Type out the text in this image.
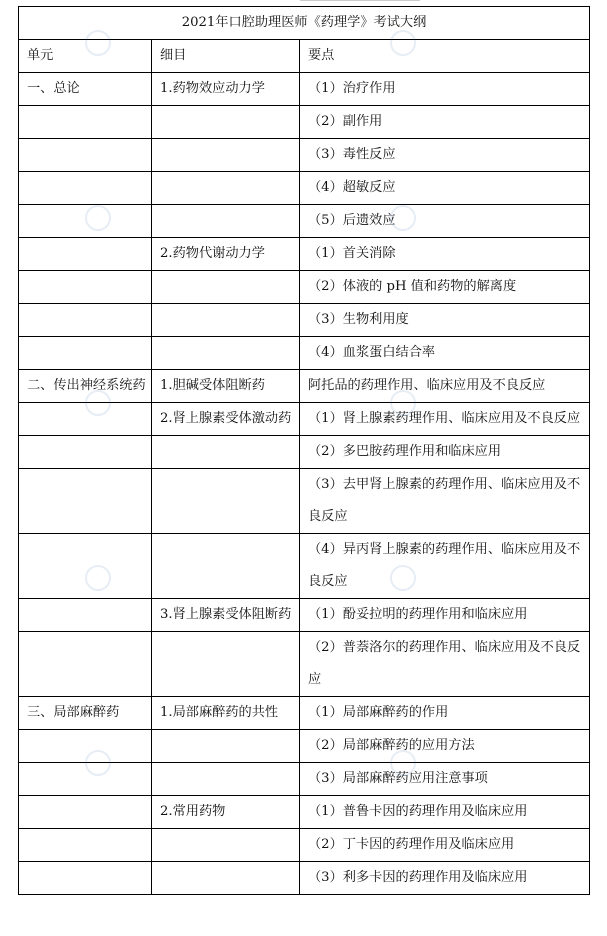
2021年口腔助理医师《药理学》考试大纲		
单元	细目	要点
一、总论	1.药物效应动力学	（1）治疗作用
		（2）副作用
		（3）毒性反应
		（4）超敏反应
		（5）后遗效应
	2.药物代谢动力学	（1）首关消除
		（2）体液的 pH 值和药物的解离度
		（3）生物利用度
		（4）血浆蛋白结合率
二、传出神经系统药	1.胆碱受体阻断药	阿托品的药理作用、临床应用及不良反应
	2.肾上腺素受体激动药	（1）肾上腺素药理作用、临床应用及不良反应
		（2）多巴胺药理作用和临床应用
		（3）去甲肾上腺素的药理作用、临床应用及不良反应
		（4）异丙肾上腺素的药理作用、临床应用及不良反应
	3.肾上腺素受体阻断药	（1）酚妥拉明的药理作用和临床应用
		（2）普萘洛尔的药理作用、临床应用及不良反应
三、局部麻醉药	1.局部麻醉药的共性	（1）局部麻醉药的作用
		（2）局部麻醉药的应用方法
		（3）局部麻醉药应用注意事项
	2.常用药物	（1）普鲁卡因的药理作用及临床应用
		（2）丁卡因的药理作用及临床应用
		（3）利多卡因的药理作用及临床应用
